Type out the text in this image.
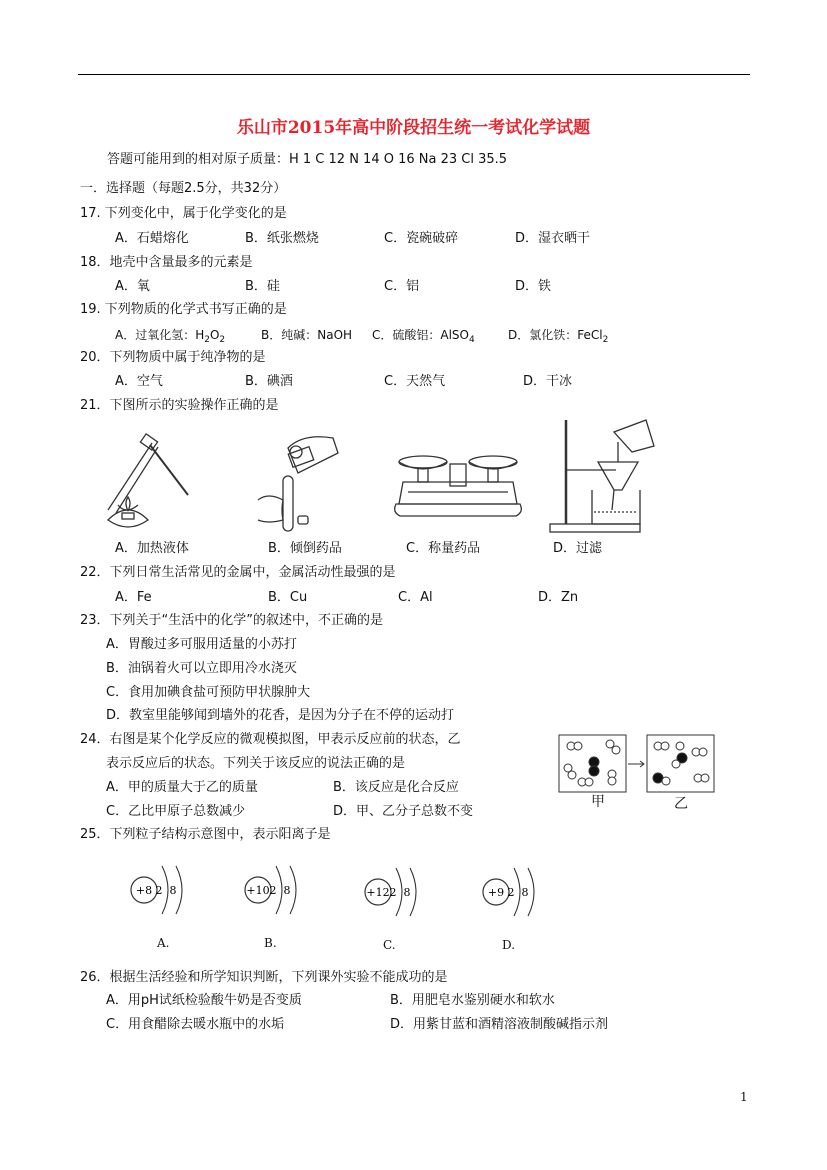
乐山市2015年高中阶段招生统一考试化学试题
答题可能用到的相对原子质量：H 1 C 12 N 14 O 16 Na 23 Cl 35.5
一．选择题（每题2.5分，共32分）
17. 下列变化中，属于化学变化的是
A．石蜡熔化	B．纸张燃烧	C．瓷碗破碎	D．湿衣晒干
18．地壳中含量最多的元素是
A．氧	B．硅	C．铝	D．铁
19. 下列物质的化学式书写正确的是
A．过氧化氢：$H_2O_2$	B．纯碱：NaOH C．硫酸铝：AlSO$_4$	D．氯化铁：FeCl$_2$
20．下列物质中属于纯净物的是
A．空气	B．碘酒	C．天然气	D．干冰
21．下图所示的实验操作正确的是
A．加热液体	B．倾倒药品	C．称量药品	D．过滤
22．下列日常生活常见的金属中，金属活动性最强的是
A．Fe	B．Cu	C．Al	D．Zn
23．下列关于“生活中的化学”的叙述中，不正确的是
A．胃酸过多可服用适量的小苏打
B．油锅着火可以立即用冷水浇灭
C．食用加碘食盐可预防甲状腺肿大
D．教室里能够闻到墙外的花香，是因为分子在不停的运动打
24．右图是某个化学反应的微观模拟图，甲表示反应前的状态，乙
表示反应后的状态。下列关于该反应的说法正确的是
A．甲的质量大于乙的质量	B．该反应是化合反应
C．乙比甲原子总数减少	D．甲、乙分子总数不变
甲	乙
25．下列粒子结构示意图中，表示阳离子是
+8 2 8	+10 2 8	+12 2 8	+9 2 8
A.	B.	C.	D.
26．根据生活经验和所学知识判断，下列课外实验不能成功的是
A．用pH试纸检验酸牛奶是否变质	B．用肥皂水鉴别硬水和软水
C．用食醋除去暖水瓶中的水垢	D．用紫甘蓝和酒精溶液制酸碱指示剂
1
